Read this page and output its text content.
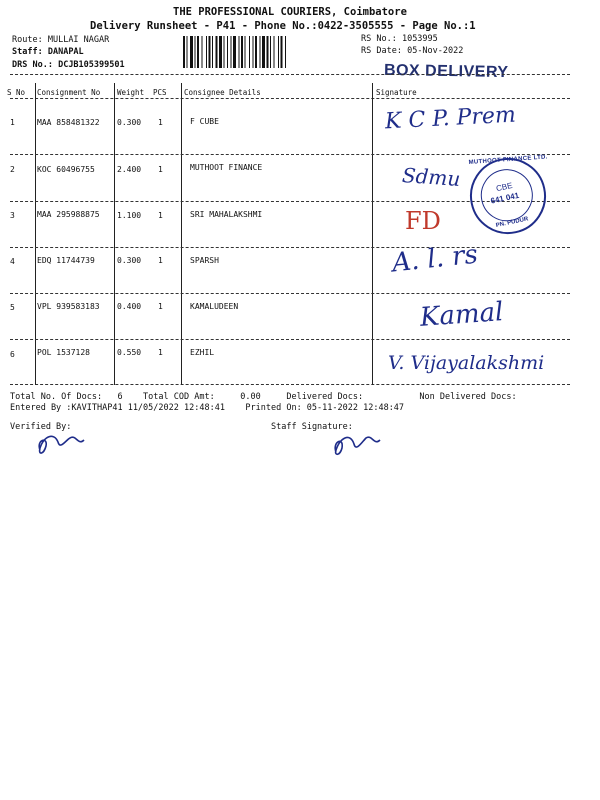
THE PROFESSIONAL COURIERS, Coimbatore
Delivery Runsheet - P41 - Phone No.:0422-3505555 - Page No.:1
Route: MULLAI NAGAR
Staff: DANAPAL
DRS No.: DCJB105399501
RS No.: 1053995
RS Date: 05-Nov-2022
BOX DELIVERY
S No Consignment No Weight PCS Consignee Details	Signature
1	MAA 858481322 0.300 1	F CUBE	K C P. Prem
2	KOC 60496755	2.400 1	MUTHOOT FINANCE	Sdmu
3	MAA 295988875 1.100 1	SRI MAHALAKSHMI	FD
4	EDQ 11744739	0.300 1	SPARSH	A. l. rs
5	VPL 939583183 0.400 1	KAMALUDEEN	Kamal
6	POL 1537128	0.550 1	EZHIL	V. Vijayalakshmi
MUTHOOT FINANCE LTD.
CBE
641 041
PN. PUDUR
Total No. Of Docs:   6    Total COD Amt:     0.00     Delivered Docs:           Non Delivered Docs:
Entered By :KAVITHAP41 11/05/2022 12:48:41    Printed On: 05-11-2022 12:48:47
Verified By:	Staff Signature:
